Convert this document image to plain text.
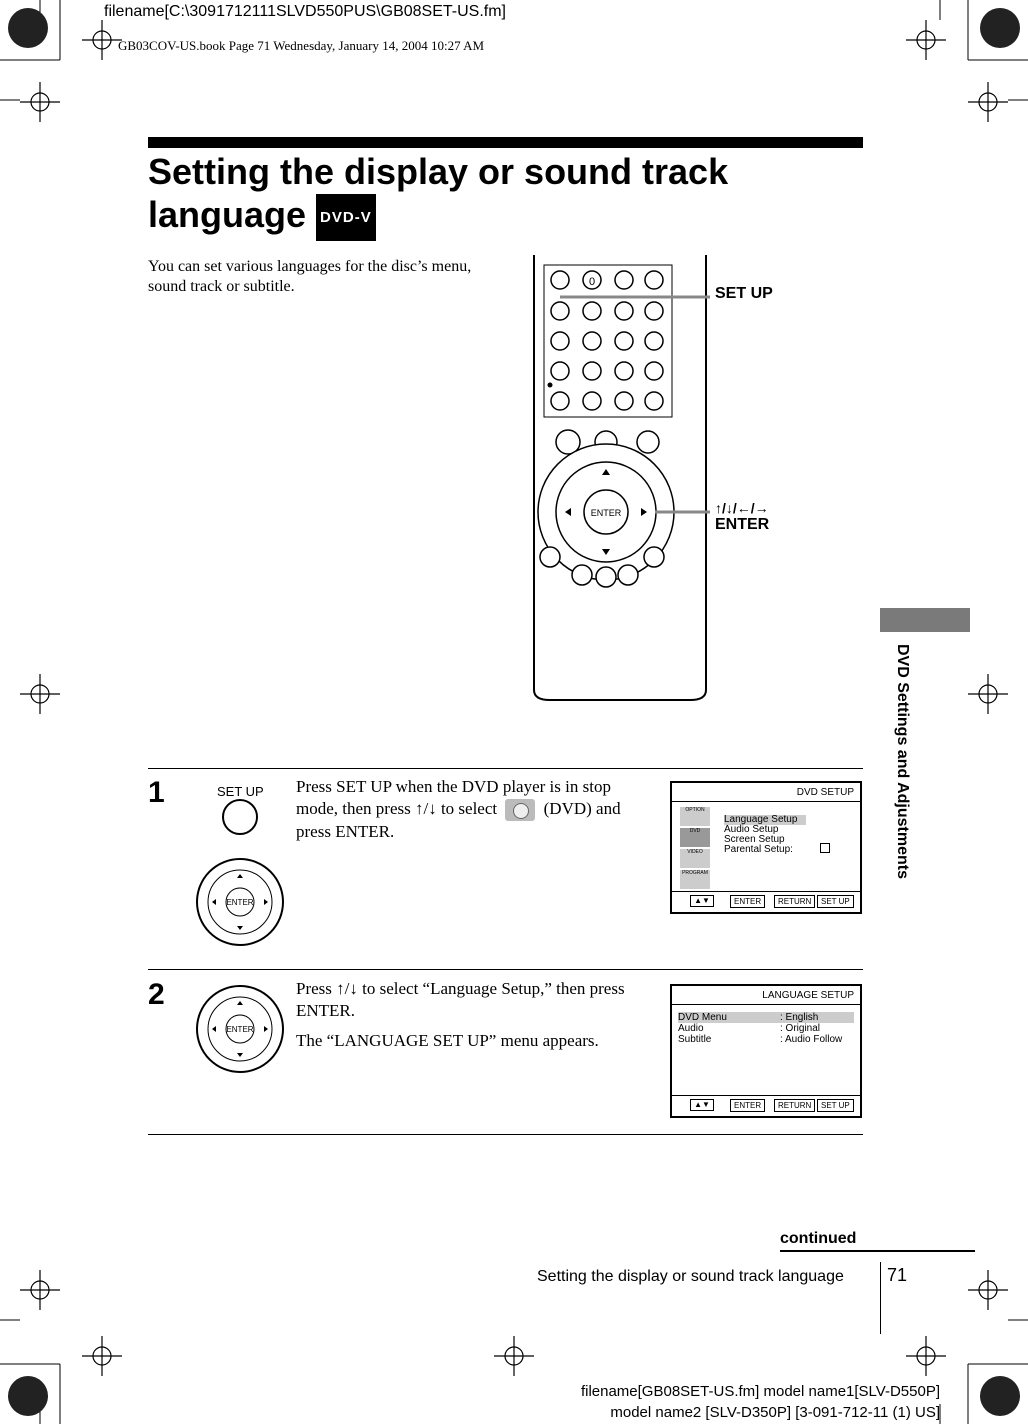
filename[C:\3091712111SLVD550PUS\GB08SET-US.fm]
GB03COV-US.book Page 71 Wednesday, January 14, 2004 10:27 AM
Setting the display or sound track
language DVD-V
You can set various languages for the disc’s menu, sound track or subtitle.	0
ENTER
SET UP
↑/↓/←/→
ENTER
DVD Settings and Adjustments
1	SET UP
ENTER
Press SET UP when the DVD player is in stop mode, then press ↑/↓ to select	(DVD) and press ENTER.
DVD SETUP
OPTION
DVD
VIDEO
PROGRAM
Language Setup
Audio Setup
Screen Setup
Parental Setup:
▲▼	ENTER	RETURN	SET UP
2
ENTER
Press ↑/↓ to select “Language Setup,” then press ENTER.
The “LANGUAGE SET UP” menu appears.
LANGUAGE SETUP
DVD Menu	: English
Audio	: Original
Subtitle	: Audio Follow
▲▼	ENTER	RETURN	SET UP
continued
Setting the display or sound track language 71
filename[GB08SET-US.fm] model name1[SLV-D550P]
model name2 [SLV-D350P] [3-091-712-11 (1) US]
